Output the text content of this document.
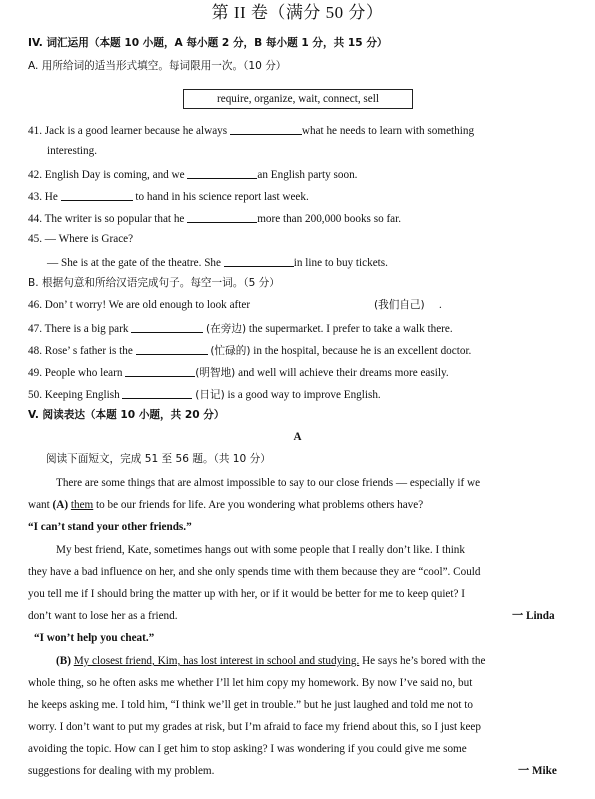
第 II 卷（满分 50 分）
IV. 词汇运用（本题 10 小题，A 每小题 2 分，B 每小题 1 分，共 15 分）
A. 用所给词的适当形式填空。每词限用一次。（10 分）
require, organize, wait, connect, sell
41. Jack is a good learner because he always	what he needs to learn with something
interesting.
42. English Day is coming, and we	an English party soon.
43. He	to hand in his science report last week.
44. The writer is so popular that he	more than 200,000 books so far.
45. — Where is Grace?
— She is at the gate of the theatre. She	in line to buy tickets.
B. 根据句意和所给汉语完成句子。每空一词。（5 分）
46. Don’ t worry! We are old enough to look after	(我们自己) .
47. There is a big park	(在旁边) the supermarket. I prefer to take a walk there.
48. Rose’ s father is the	(忙碌的) in the hospital, because he is an excellent doctor.
49. People who learn	(明智地) and well will achieve their dreams more easily.
50. Keeping English	(日记) is a good way to improve English.
V. 阅读表达（本题 10 小题，共 20 分）
A
阅读下面短文，完成 51 至 56 题。（共 10 分）
There are some things that are almost impossible to say to our close friends — especially if we
want (A) them to be our friends for life. Are you wondering what problems others have?
“I can’t stand your other friends.”
My best friend, Kate, sometimes hangs out with some people that I really don’t like. I think
they have a bad influence on her, and she only spends time with them because they are “cool”. Could
you tell me if I should bring the matter up with her, or if it would be better for me to keep quiet? I
don’t want to lose her as a friend.	一 Linda
“I won’t help you cheat.”
(B) My closest friend, Kim, has lost interest in school and studying. He says he’s bored with the
whole thing, so he often asks me whether I’ll let him copy my homework. By now I’ve said no, but
he keeps asking me. I told him, “I think we’ll get in trouble.” but he just laughed and told me not to
worry. I don’t want to put my grades at risk, but I’m afraid to face my friend about this, so I just keep
avoiding the topic. How can I get him to stop asking? I was wondering if you could give me some
suggestions for dealing with my problem.	一 Mike
